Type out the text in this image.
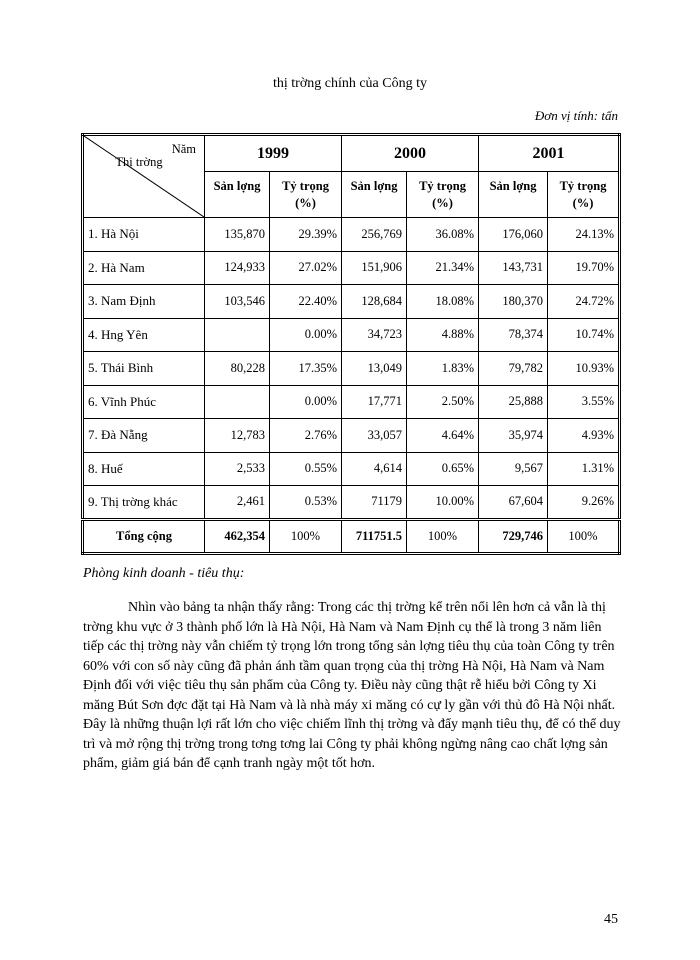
thị trờng chính của Công ty
Đơn vị tính: tấn
Năm
Thị trờng	1999		2000		2001	
	Sản lợng	Tỷ trọng (%)	Sản lợng	Tỷ trọng (%)	Sản lợng	Tỷ trọng (%)
1. Hà Nội	135,870	29.39%	256,769	36.08%	176,060	24.13%
2. Hà Nam	124,933	27.02%	151,906	21.34%	143,731	19.70%
3. Nam Định	103,546	22.40%	128,684	18.08%	180,370	24.72%
4. Hng Yên		0.00%	34,723	4.88%	78,374	10.74%
5. Thái Bình	80,228	17.35%	13,049	1.83%	79,782	10.93%
6. Vĩnh Phúc		0.00%	17,771	2.50%	25,888	3.55%
7. Đà Nẵng	12,783	2.76%	33,057	4.64%	35,974	4.93%
8. Huế	2,533	0.55%	4,614	0.65%	9,567	1.31%
9. Thị trờng khác	2,461	0.53%	71179	10.00%	67,604	9.26%
Tổng cộng	462,354	100%	711751.5	100%	729,746	100%
Phòng kinh doanh - tiêu thụ:

Nhìn vào bảng ta nhận thấy rằng: Trong các thị trờng kể trên nổi lên hơn cả vẫn là thị trờng khu vực ở 3 thành phố lớn là Hà Nội, Hà Nam và Nam Định cụ thể là trong 3 năm liên tiếp các thị trờng này vẫn chiếm tỷ trọng lớn trong tổng sản lợng tiêu thụ của toàn Công ty trên 60% với con số này cũng đã phản ánh tầm quan trọng của thị trờng Hà Nội, Hà Nam và Nam Định đối với việc tiêu thụ sản phẩm của Công ty. Điều này cũng thật rễ hiểu bởi Công ty Xi măng Bút Sơn đợc đặt tại Hà Nam và là nhà máy xi măng có cự ly gần với thủ đô Hà Nội nhất. Đây là những thuận lợi rất lớn cho việc chiếm lĩnh thị trờng và đẩy mạnh tiêu thụ, để có thể duy trì và mở rộng thị trờng trong tơng tơng lai Công ty phải không ngừng nâng cao chất lợng sản phẩm, giảm giá bán để cạnh tranh ngày một tốt hơn.

45
